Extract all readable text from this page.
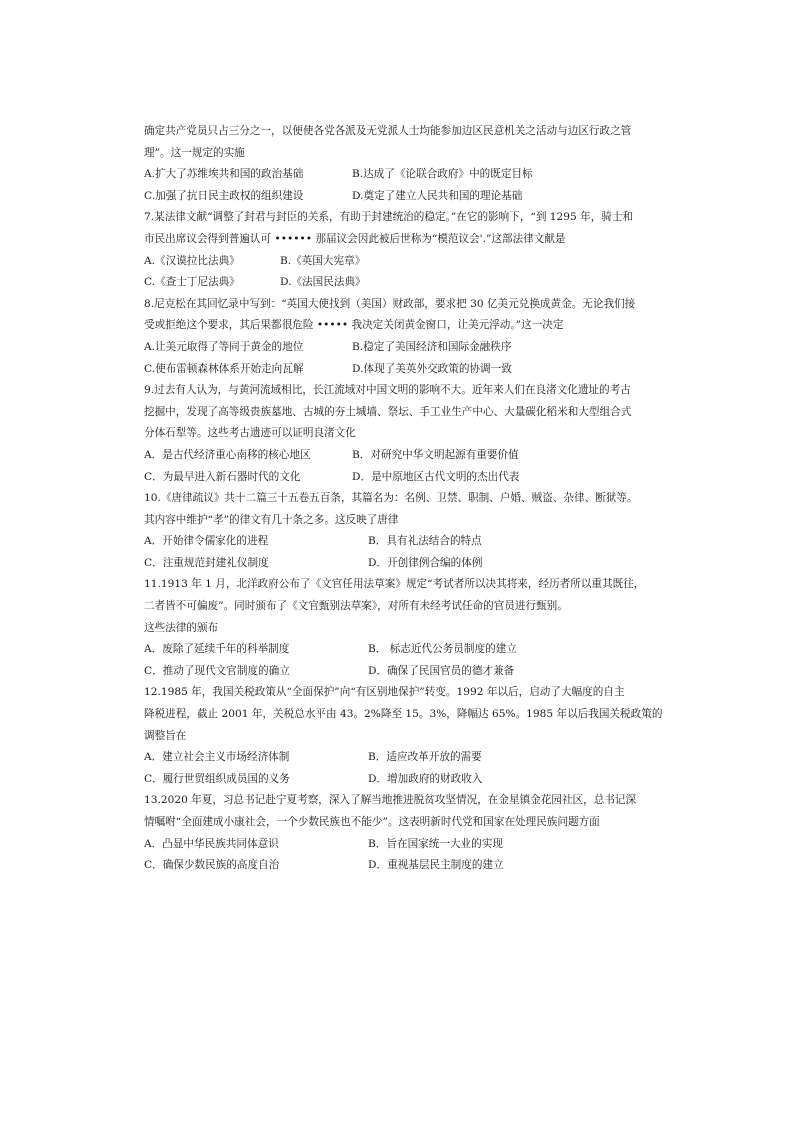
确定共产党员只占三分之一，以便使各党各派及无党派人士均能参加边区民意机关之活动与边区行政之管
理”。这一规定的实施
A.扩大了苏维埃共和国的政治基础	B.达成了《论联合政府》中的既定目标
C.加强了抗日民主政权的组织建设	D.奠定了建立人民共和国的理论基础
7.某法律文献“调整了封君与封臣的关系，有助于封建统治的稳定。”在它的影响下，“到 1295 年，骑士和
市民出席议会得到普遍认可 •••••• 那届议会因此被后世称为“模范议会'.”这部法律文献是
A.《汉谟拉比法典》	B.《英国大宪章》
C.《查士丁尼法典》	D.《法国民法典》
8.尼克松在其回忆录中写到：“英国大使找到（美国）财政部，要求把 30 亿美元兑换成黄金。无论我们接
受或拒绝这个要求，其后果都很危险 ••••• 我决定关闭黄金窗口，让美元浮动。”这一决定
A.让美元取得了等同于黄金的地位	B.稳定了美国经济和国际金融秩序
C.使布雷顿森林体系开始走向瓦解	D.体现了美英外交政策的协调一致
9.过去有人认为，与黄河流域相比，长江流域对中国文明的影响不大。近年来人们在良渚文化遗址的考古
挖掘中，发现了高等级贵族墓地、古城的夯土城墙、祭坛、手工业生产中心、大量碳化稻米和大型组合式
分体石犁等。这些考古遗迹可以证明良渚文化
A．是古代经济重心南移的核心地区	B．对研究中华文明起源有重要价值
C．为最早进入新石器时代的文化	D．是中原地区古代文明的杰出代表
10.《唐律疏议》共十二篇三十五卷五百条，其篇名为：名例、卫禁、职制、户婚、贼盗、杂律、断狱等。
其内容中维护“孝”的律文有几十条之多。这反映了唐律
A．开始律令儒家化的进程	B．具有礼法结合的特点
C．注重规范封建礼仪制度	D．开创律例合编的体例
11.1913 年 1 月，北洋政府公布了《文官任用法草案》规定“考试者所以决其将来，经历者所以重其既往，
二者皆不可偏废”。同时颁布了《文官甄别法草案》，对所有未经考试任命的官员进行甄别。
这些法律的颁布
A．废除了延续千年的科举制度	B． 标志近代公务员制度的建立
C．推动了现代文官制度的确立	D．确保了民国官员的德才兼备
12.1985 年，我国关税政策从“全面保护”向“有区别地保护”转变。1992 年以后，启动了大幅度的自主
降税进程，截止 2001 年，关税总水平由 43。2%降至 15。3%，降幅达 65%。1985 年以后我国关税政策的
调整旨在
A．建立社会主义市场经济体制	B．适应改革开放的需要
C．履行世贸组织成员国的义务	D．增加政府的财政收入
13.2020 年夏，习总书记赴宁夏考察，深入了解当地推进脱贫攻坚情况，在金星镇金花园社区，总书记深
情嘱咐“全面建成小康社会，一个少数民族也不能少”。这表明新时代党和国家在处理民族问题方面
A．凸显中华民族共同体意识	B．旨在国家统一大业的实现
C．确保少数民族的高度自治	D．重视基层民主制度的建立
